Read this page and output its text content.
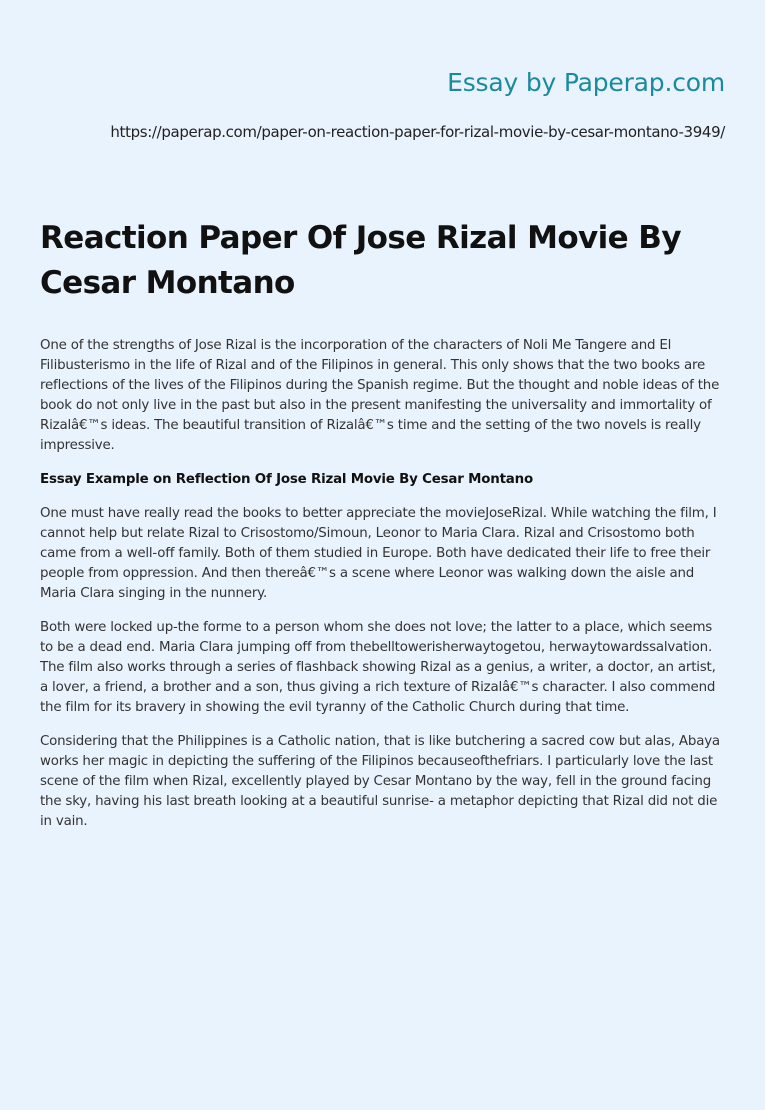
Essay by Paperap.com
https://paperap.com/paper-on-reaction-paper-for-rizal-movie-by-cesar-montano-3949/
Reaction Paper Of Jose Rizal Movie By Cesar Montano

One of the strengths of Jose Rizal is the incorporation of the characters of Noli Me Tangere and El Filibusterismo in the life of Rizal and of the Filipinos in general. This only shows that the two books are reflections of the lives of the Filipinos during the Spanish regime. But the thought and noble ideas of the book do not only live in the past but also in the present manifesting the universality and immortality of Rizalâ€™s ideas. The beautiful transition of Rizalâ€™s time and the setting of the two novels is really impressive.

Essay Example on Reflection Of Jose Rizal Movie By Cesar Montano

One must have really read the books to better appreciate the movieJoseRizal. While watching the film, I cannot help but relate Rizal to Crisostomo/Simoun, Leonor to Maria Clara. Rizal and Crisostomo both came from a well-off family. Both of them studied in Europe. Both have dedicated their life to free their people from oppression. And then thereâ€™s a scene where Leonor was walking down the aisle and Maria Clara singing in the nunnery.

Both were locked up-the forme to a person whom she does not love; the latter to a place, which seems to be a dead end. Maria Clara jumping off from thebelltowerisherwaytogetou, herwaytowardssalvation. The film also works through a series of flashback showing Rizal as a genius, a writer, a doctor, an artist, a lover, a friend, a brother and a son, thus giving a rich texture of Rizalâ€™s character. I also commend the film for its bravery in showing the evil tyranny of the Catholic Church during that time.

Considering that the Philippines is a Catholic nation, that is like butchering a sacred cow but alas, Abaya works her magic in depicting the suffering of the Filipinos becauseofthefriars. I particularly love the last scene of the film when Rizal, excellently played by Cesar Montano by the way, fell in the ground facing the sky, having his last breath looking at a beautiful sunrise- a metaphor depicting that Rizal did not die in vain.
